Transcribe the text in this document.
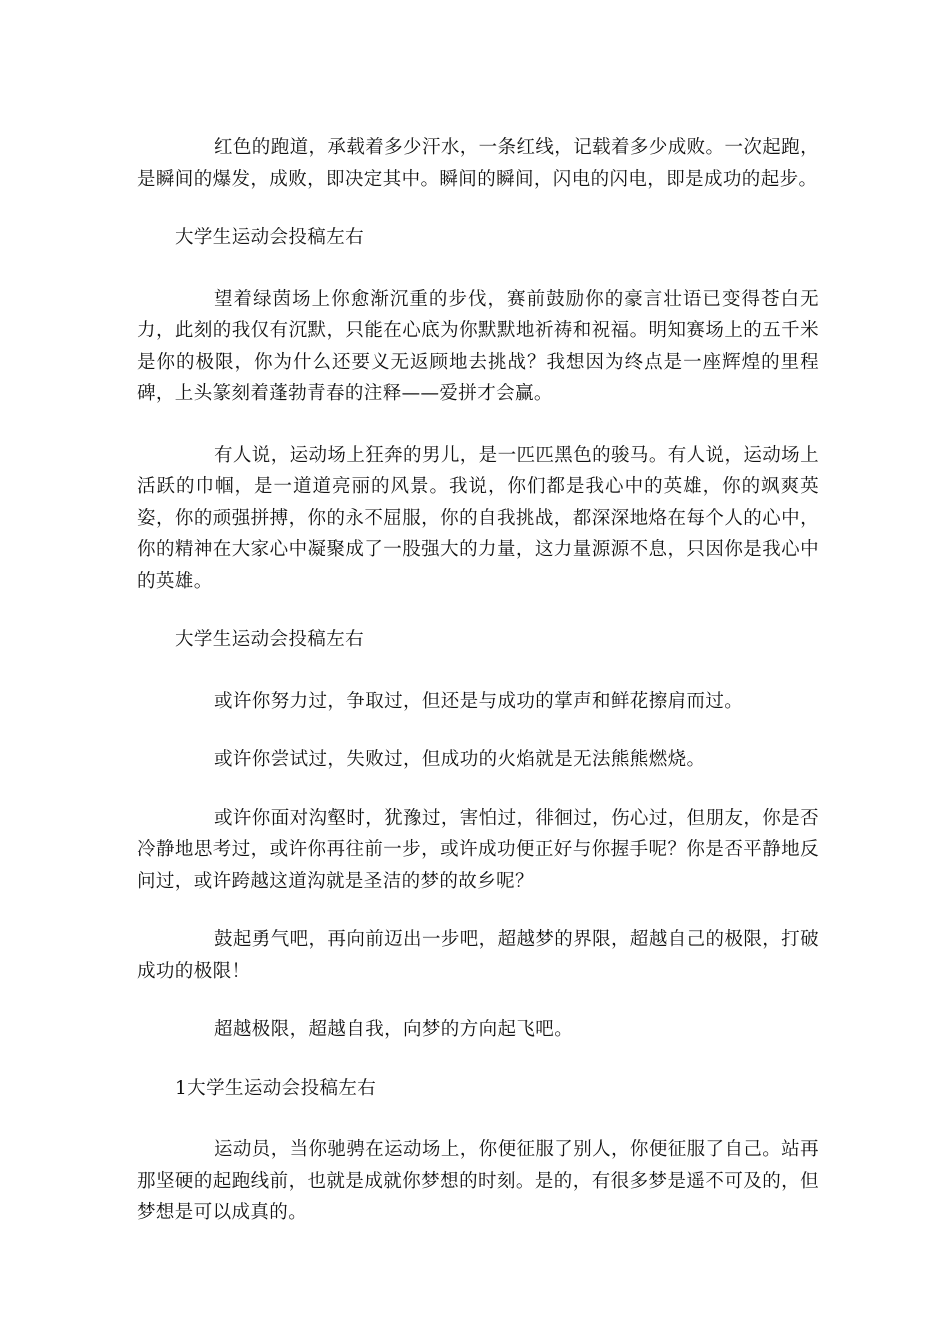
红色的跑道，承载着多少汗水，一条红线，记载着多少成败。一次起跑，是瞬间的爆发，成败，即决定其中。瞬间的瞬间，闪电的闪电，即是成功的起步。

大学生运动会投稿左右

望着绿茵场上你愈渐沉重的步伐，赛前鼓励你的豪言壮语已变得苍白无力，此刻的我仅有沉默，只能在心底为你默默地祈祷和祝福。明知赛场上的五千米是你的极限，你为什么还要义无返顾地去挑战？我想因为终点是一座辉煌的里程碑，上头篆刻着蓬勃青春的注释——爱拼才会赢。

有人说，运动场上狂奔的男儿，是一匹匹黑色的骏马。有人说，运动场上活跃的巾帼，是一道道亮丽的风景。我说，你们都是我心中的英雄，你的飒爽英姿，你的顽强拼搏，你的永不屈服，你的自我挑战，都深深地烙在每个人的心中，你的精神在大家心中凝聚成了一股强大的力量，这力量源源不息，只因你是我心中的英雄。

大学生运动会投稿左右

或许你努力过，争取过，但还是与成功的掌声和鲜花擦肩而过。

或许你尝试过，失败过，但成功的火焰就是无法熊熊燃烧。

或许你面对沟壑时，犹豫过，害怕过，徘徊过，伤心过，但朋友，你是否冷静地思考过，或许你再往前一步，或许成功便正好与你握手呢？你是否平静地反问过，或许跨越这道沟就是圣洁的梦的故乡呢？

鼓起勇气吧，再向前迈出一步吧，超越梦的界限，超越自己的极限，打破成功的极限！

超越极限，超越自我，向梦的方向起飞吧。

1大学生运动会投稿左右

运动员，当你驰骋在运动场上，你便征服了别人，你便征服了自己。站再那坚硬的起跑线前，也就是成就你梦想的时刻。是的，有很多梦是遥不可及的，但梦想是可以成真的。
